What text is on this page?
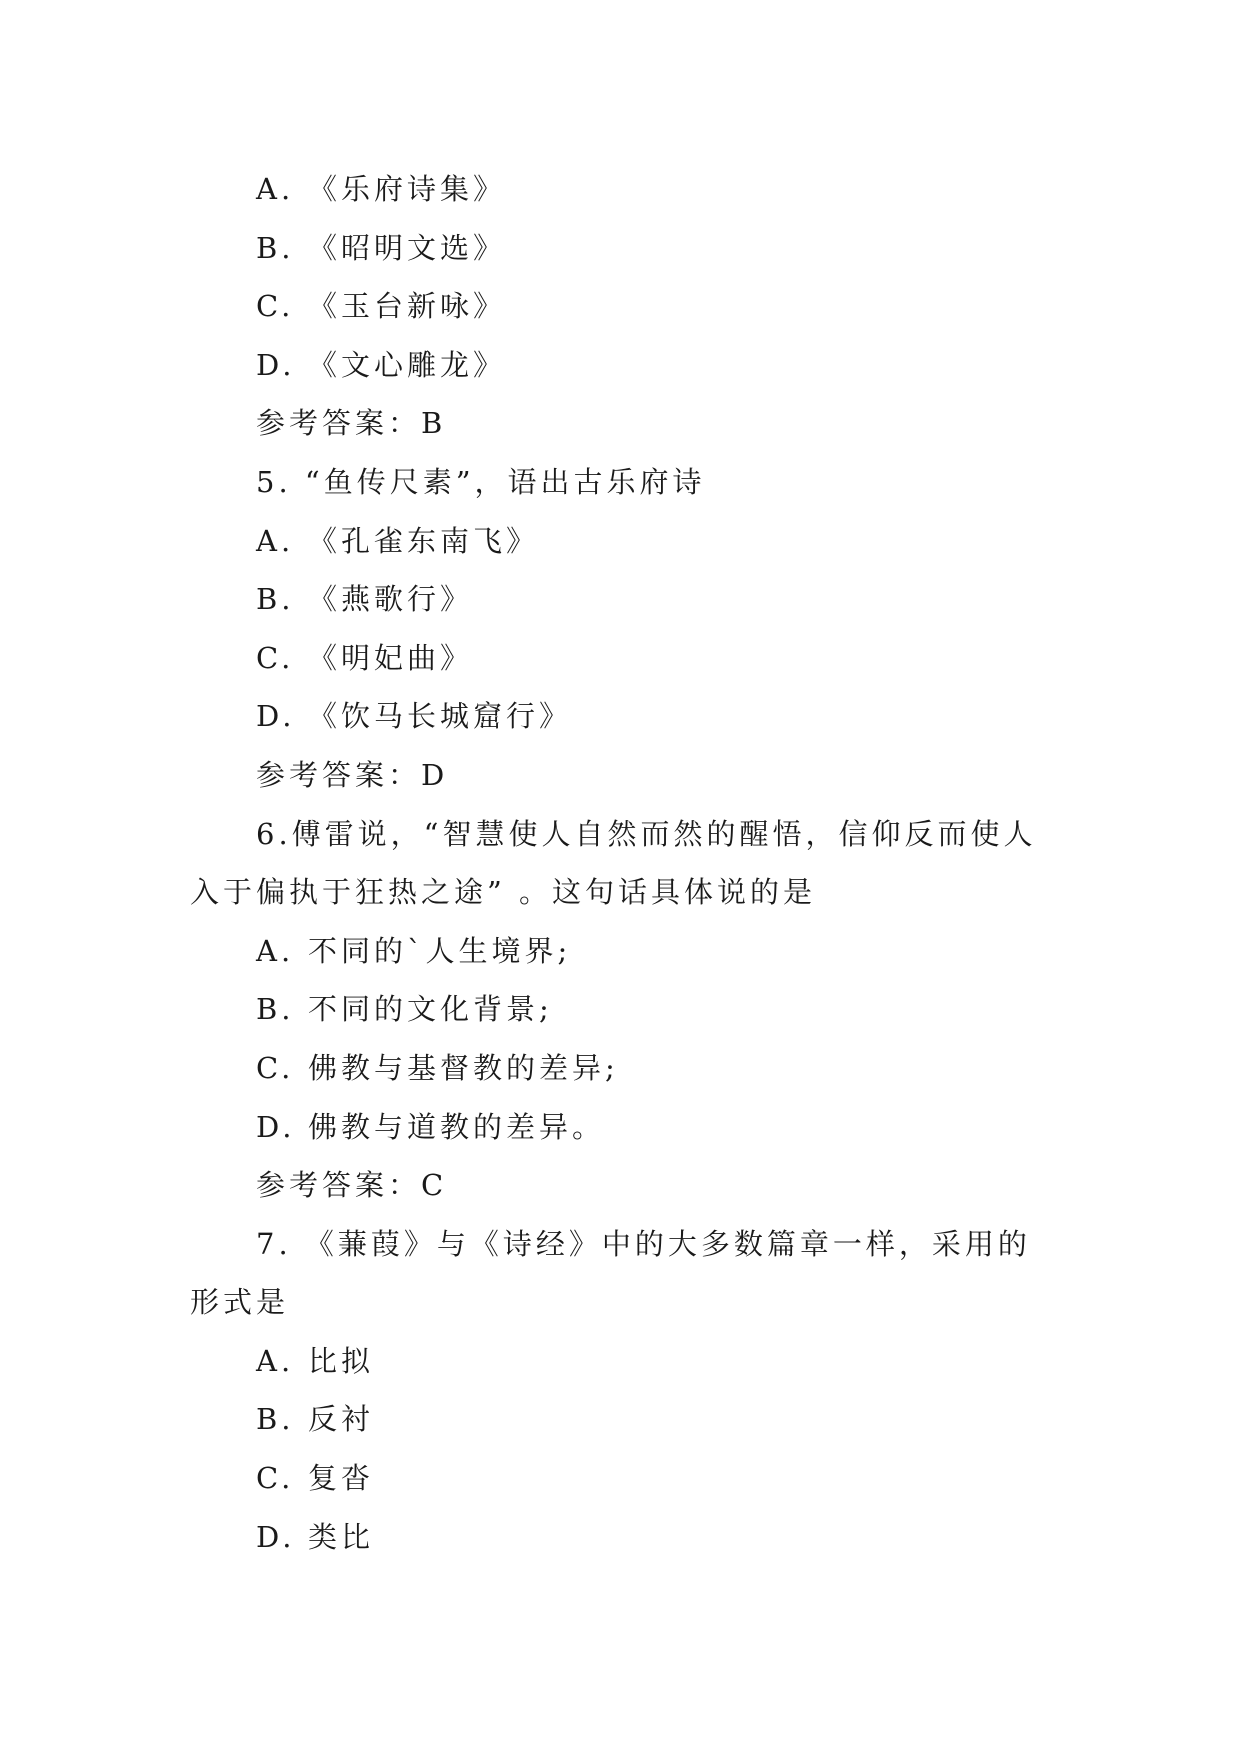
A. 《乐府诗集》
B. 《昭明文选》
C. 《玉台新咏》
D. 《文心雕龙》
参考答案：B
5. “鱼传尺素”，语出古乐府诗
A. 《孔雀东南飞》
B. 《燕歌行》
C. 《明妃曲》
D. 《饮马长城窟行》
参考答案：D
6.傅雷说，“智慧使人自然而然的醒悟，信仰反而使人
入于偏执于狂热之途” 。这句话具体说的是
A. 不同的`人生境界;
B. 不同的文化背景;
C. 佛教与基督教的差异;
D. 佛教与道教的差异。
参考答案：C
7. 《蒹葭》与《诗经》中的大多数篇章一样，采用的
形式是
A. 比拟
B. 反衬
C. 复沓
D. 类比
